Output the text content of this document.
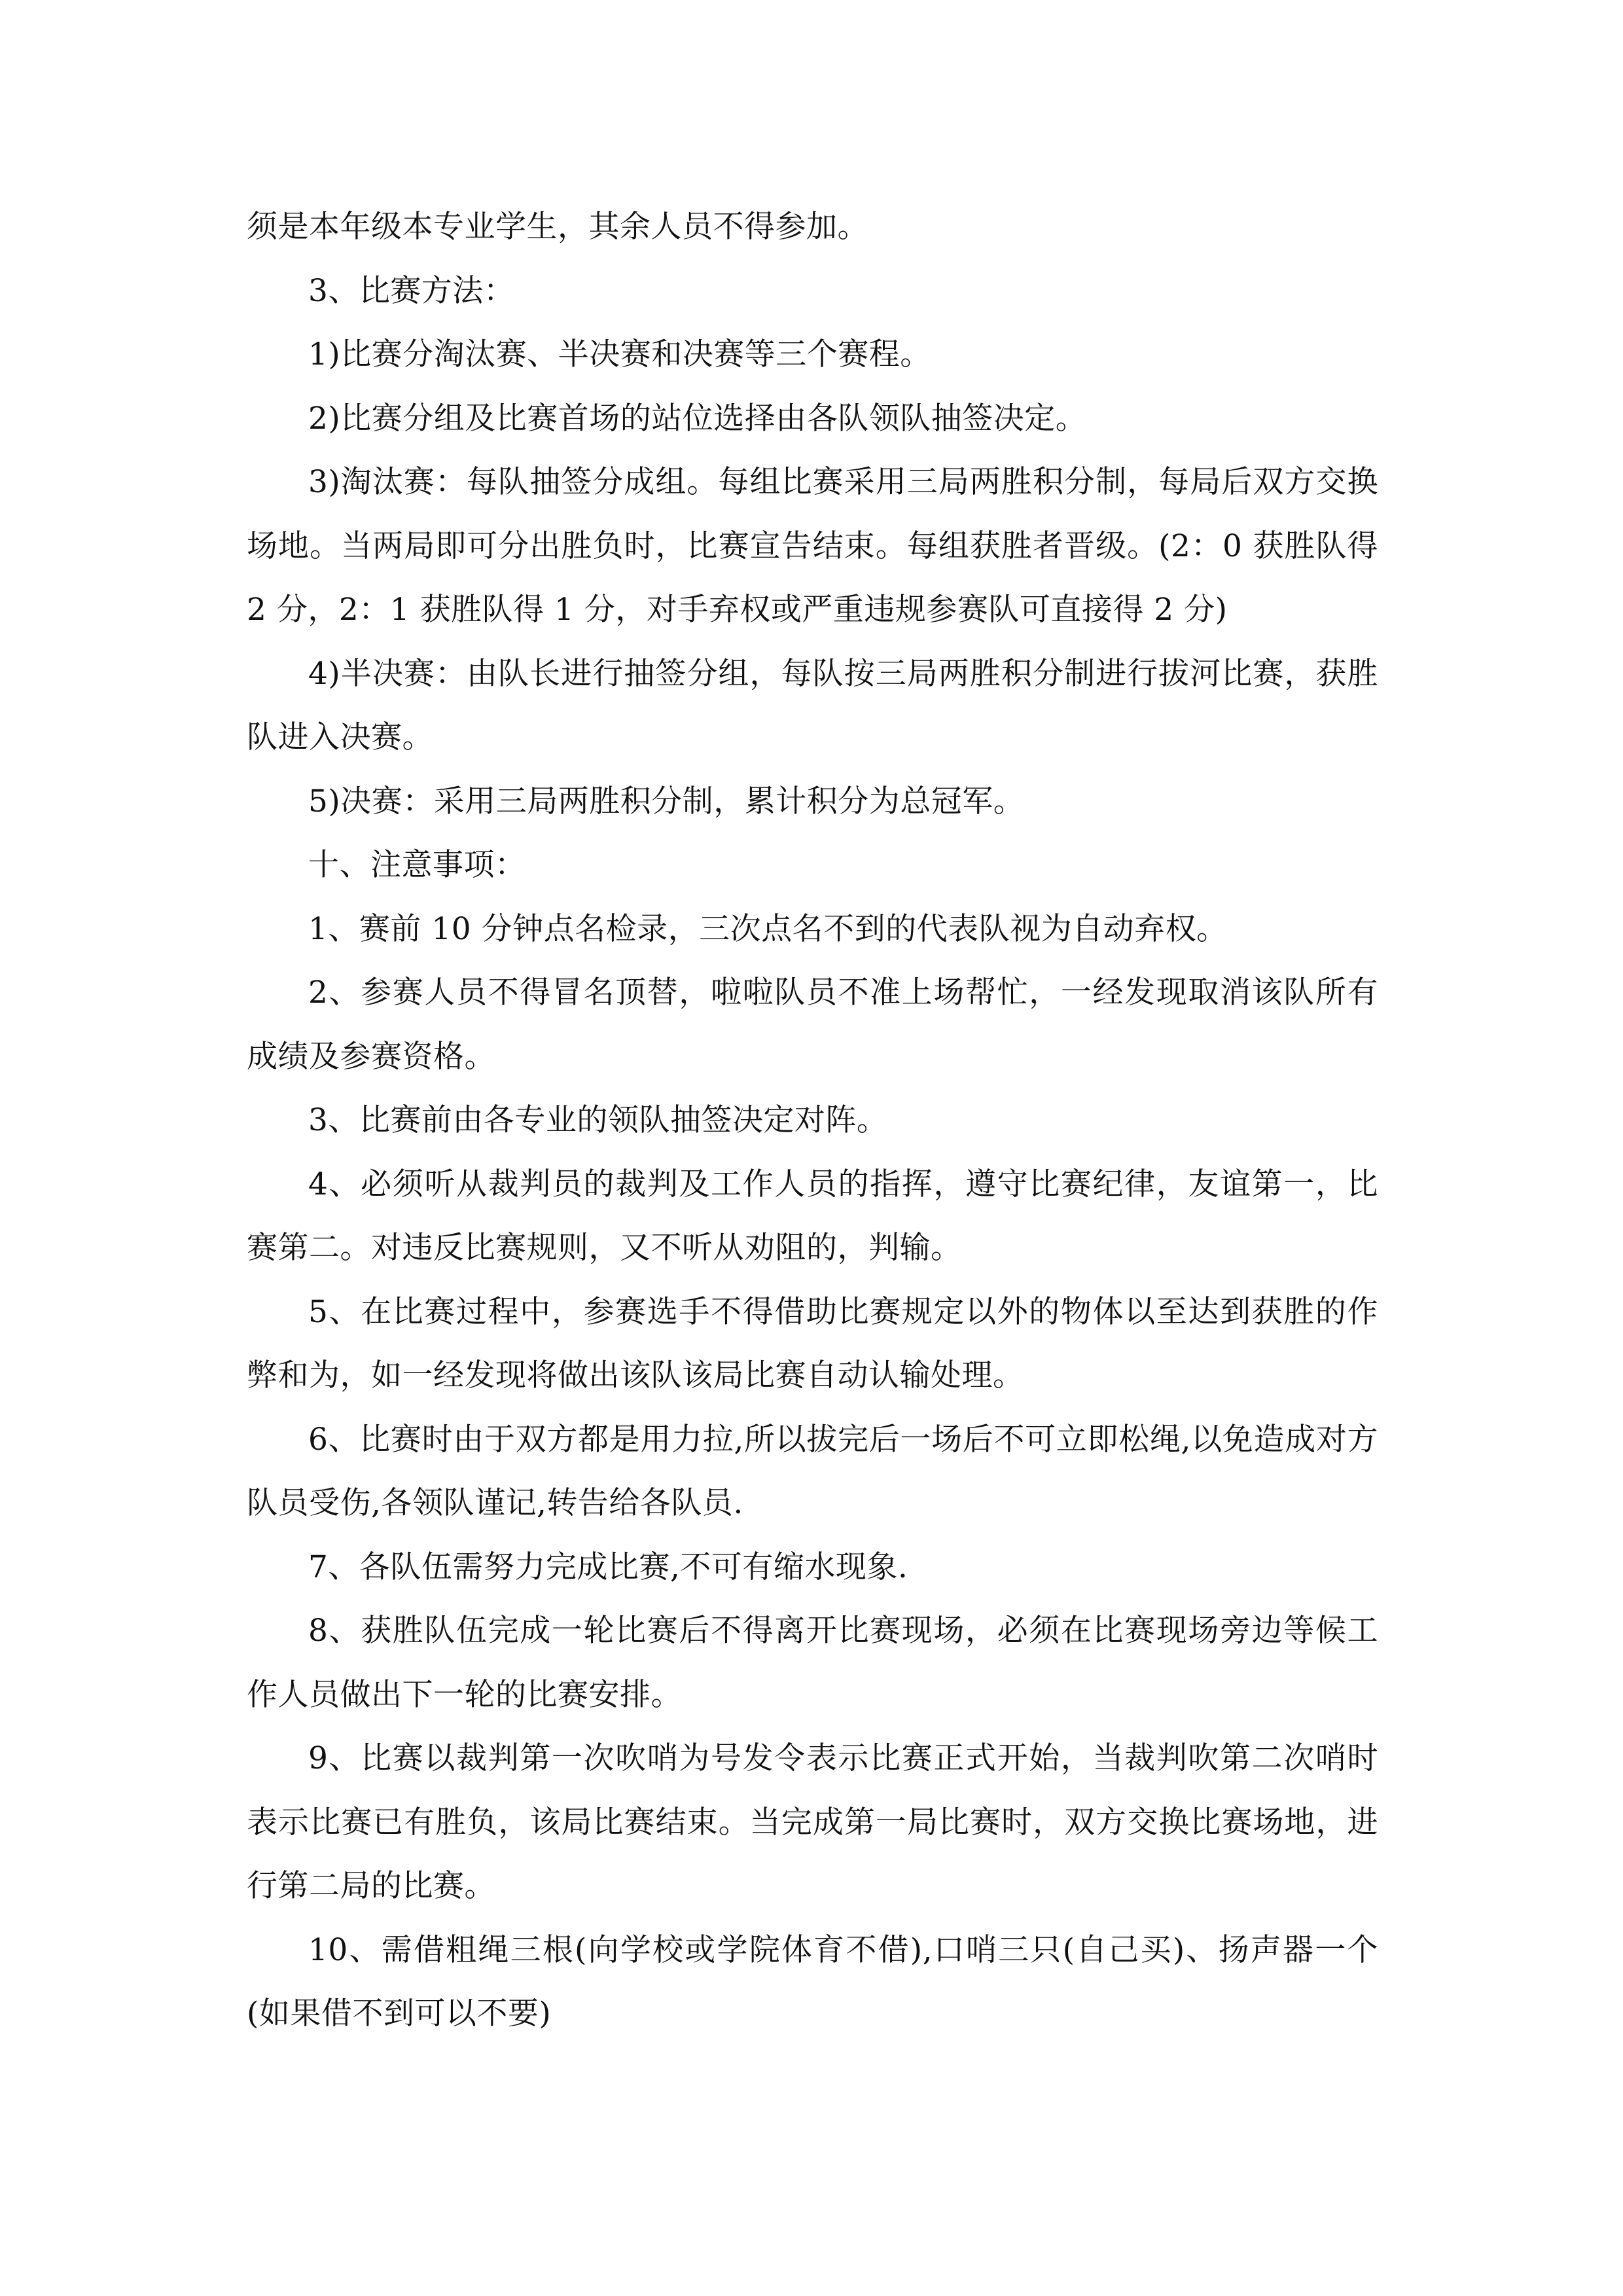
须是本年级本专业学生，其余人员不得参加。

3、比赛方法：

1)比赛分淘汰赛、半决赛和决赛等三个赛程。

2)比赛分组及比赛首场的站位选择由各队领队抽签决定。

3)淘汰赛：每队抽签分成组。每组比赛采用三局两胜积分制，每局后双方交换场地。当两局即可分出胜负时，比赛宣告结束。每组获胜者晋级。(2：0 获胜队得 2 分，2：1 获胜队得 1 分，对手弃权或严重违规参赛队可直接得 2 分)

4)半决赛：由队长进行抽签分组，每队按三局两胜积分制进行拔河比赛，获胜队进入决赛。

5)决赛：采用三局两胜积分制，累计积分为总冠军。

十、注意事项：

1、赛前 10 分钟点名检录，三次点名不到的代表队视为自动弃权。

2、参赛人员不得冒名顶替，啦啦队员不准上场帮忙，一经发现取消该队所有成绩及参赛资格。

3、比赛前由各专业的领队抽签决定对阵。

4、必须听从裁判员的裁判及工作人员的指挥，遵守比赛纪律，友谊第一，比赛第二。对违反比赛规则，又不听从劝阻的，判输。

5、在比赛过程中，参赛选手不得借助比赛规定以外的物体以至达到获胜的作弊和为，如一经发现将做出该队该局比赛自动认输处理。

6、比赛时由于双方都是用力拉,所以拔完后一场后不可立即松绳,以免造成对方队员受伤,各领队谨记,转告给各队员.

7、各队伍需努力完成比赛,不可有缩水现象.

8、获胜队伍完成一轮比赛后不得离开比赛现场，必须在比赛现场旁边等候工作人员做出下一轮的比赛安排。

9、比赛以裁判第一次吹哨为号发令表示比赛正式开始，当裁判吹第二次哨时表示比赛已有胜负，该局比赛结束。当完成第一局比赛时，双方交换比赛场地，进行第二局的比赛。

10、需借粗绳三根(向学校或学院体育不借),口哨三只(自己买)、扬声器一个(如果借不到可以不要)
